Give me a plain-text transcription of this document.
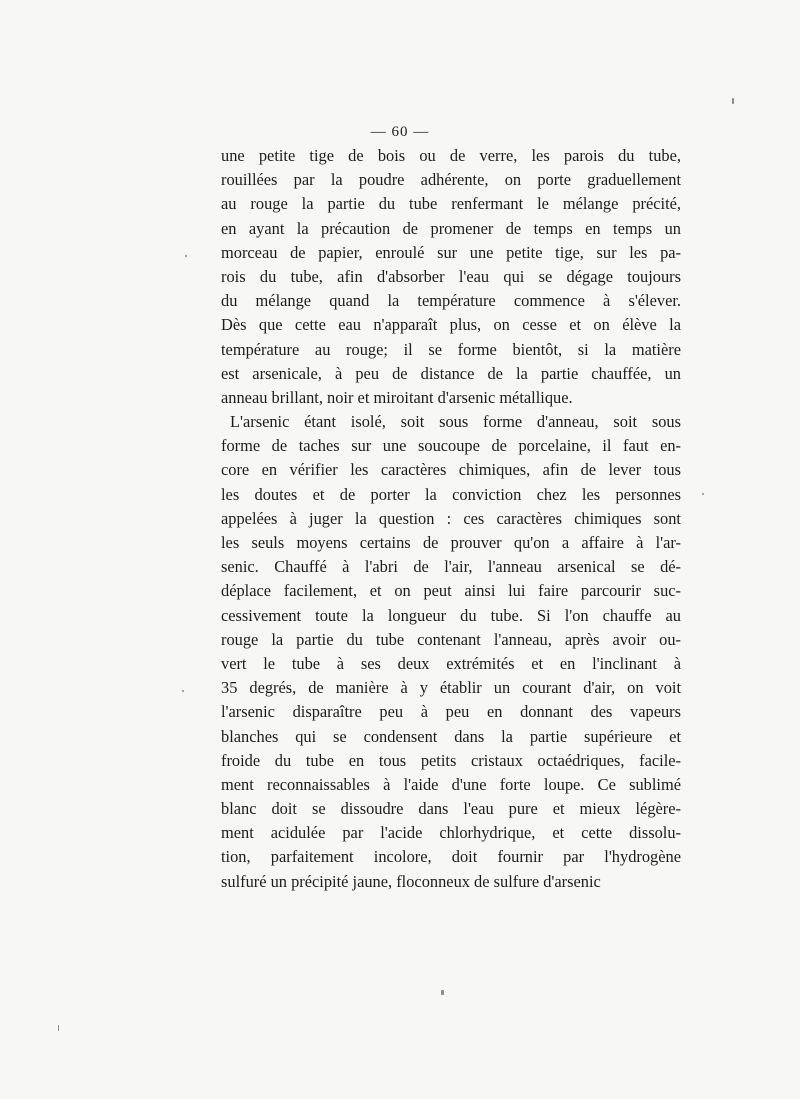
— 60 —
une petite tige de bois ou de verre, les parois du tube,
rouillées par la poudre adhérente, on porte graduellement
au rouge la partie du tube renfermant le mélange précité,
en ayant la précaution de promener de temps en temps un
morceau de papier, enroulé sur une petite tige, sur les pa-
rois du tube, afin d'absorber l'eau qui se dégage toujours
du mélange quand la température commence à s'élever.
Dès que cette eau n'apparaît plus, on cesse et on élève la
température au rouge; il se forme bientôt, si la matière
est arsenicale, à peu de distance de la partie chauffée, un
anneau brillant, noir et miroitant d'arsenic métallique.
L'arsenic étant isolé, soit sous forme d'anneau, soit sous
forme de taches sur une soucoupe de porcelaine, il faut en-
core en vérifier les caractères chimiques, afin de lever tous
les doutes et de porter la conviction chez les personnes
appelées à juger la question : ces caractères chimiques sont
les seuls moyens certains de prouver qu'on a affaire à l'ar-
senic. Chauffé à l'abri de l'air, l'anneau arsenical se dé-
déplace facilement, et on peut ainsi lui faire parcourir suc-
cessivement toute la longueur du tube. Si l'on chauffe au
rouge la partie du tube contenant l'anneau, après avoir ou-
vert le tube à ses deux extrémités et en l'inclinant à
35 degrés, de manière à y établir un courant d'air, on voit
l'arsenic disparaître peu à peu en donnant des vapeurs
blanches qui se condensent dans la partie supérieure et
froide du tube en tous petits cristaux octaédriques, facile-
ment reconnaissables à l'aide d'une forte loupe. Ce sublimé
blanc doit se dissoudre dans l'eau pure et mieux légère-
ment acidulée par l'acide chlorhydrique, et cette dissolu-
tion, parfaitement incolore, doit fournir par l'hydrogène
sulfuré un précipité jaune, floconneux de sulfure d'arsenic
